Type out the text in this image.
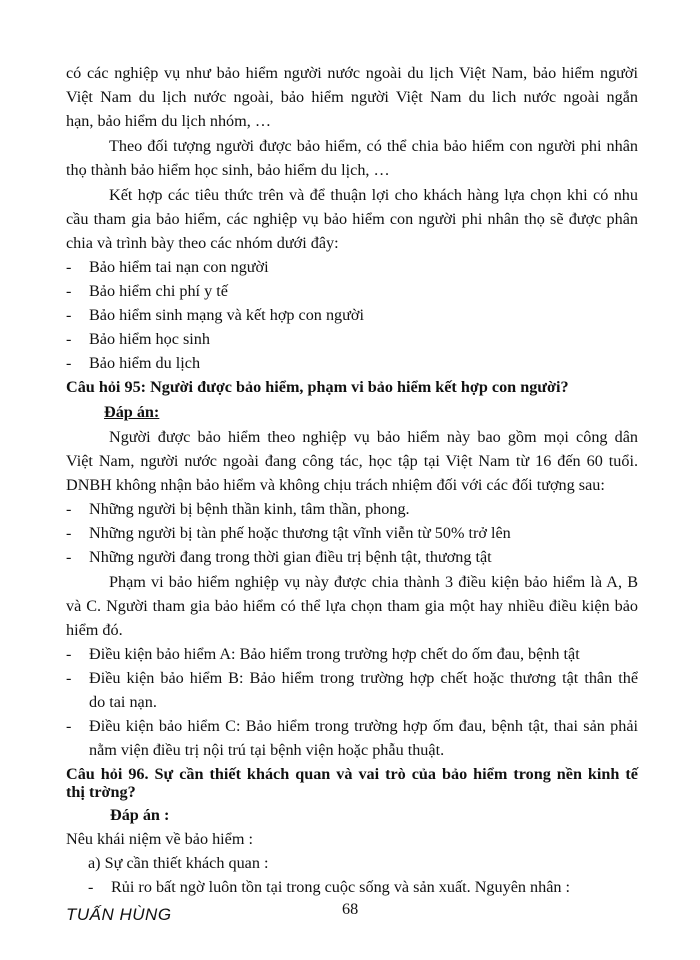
có các nghiệp vụ như bảo hiểm người nước ngoài du lịch Việt Nam, bảo hiểm người

Việt Nam du lịch nước ngoài, bảo hiểm người Việt Nam du lich nước ngoài ngắn

hạn, bảo hiểm du lịch nhóm, …

Theo đối tượng người được bảo hiểm, có thể chia bảo hiểm con người phi nhân

thọ thành bảo hiểm học sinh, bảo hiểm du lịch, …

Kết hợp các tiêu thức trên và để thuận lợi cho khách hàng lựa chọn khi có nhu

cầu tham gia bảo hiểm, các nghiệp vụ bảo hiểm con người phi nhân thọ sẽ được phân

chia và trình bày theo các nhóm dưới đây:

- Bảo hiểm tai nạn con người
- Bảo hiểm chi phí y tế
- Bảo hiểm sinh mạng và kết hợp con người
- Bảo hiểm học sinh
- Bảo hiểm du lịch

Câu hỏi 95: Người được bảo hiểm, phạm vi bảo hiểm kết hợp con người?

Đáp án:

Người được bảo hiểm theo nghiệp vụ bảo hiểm này bao gồm mọi công dân

Việt Nam, người nước ngoài đang công tác, học tập tại Việt Nam từ 16 đến 60 tuổi.

DNBH không nhận bảo hiểm và không chịu trách nhiệm đối với các đối tượng sau:

- Những người bị bệnh thần kinh, tâm thần, phong.
- Những người bị tàn phế hoặc thương tật vĩnh viễn từ 50% trở lên
- Những người đang trong thời gian điều trị bệnh tật, thương tật

Phạm vi bảo hiểm nghiệp vụ này được chia thành 3 điều kiện bảo hiểm là A, B

và C. Người tham gia bảo hiểm có thể lựa chọn tham gia một hay nhiều điều kiện bảo

hiểm đó.

- Điều kiện bảo hiểm A: Bảo hiểm trong trường hợp chết do ốm đau, bệnh tật
- Điều kiện bảo hiểm B: Bảo hiểm trong trường hợp chết hoặc thương tật thân thể

do tai nạn.

- Điều kiện bảo hiểm C: Bảo hiểm trong trường hợp ốm đau, bệnh tật, thai sản phải

nằm viện điều trị nội trú tại bệnh viện hoặc phẫu thuật.

Câu hỏi 96. Sự cần thiết khách quan và vai trò của bảo hiểm trong nền kinh tế

thị trờng?

Đáp án :

Nêu khái niệm về bảo hiểm :

a) Sự cần thiết khách quan :

- Rủi ro bất ngờ luôn tồn tại trong cuộc sống và sản xuất. Nguyên nhân :
TUẤN HÙNG	68
